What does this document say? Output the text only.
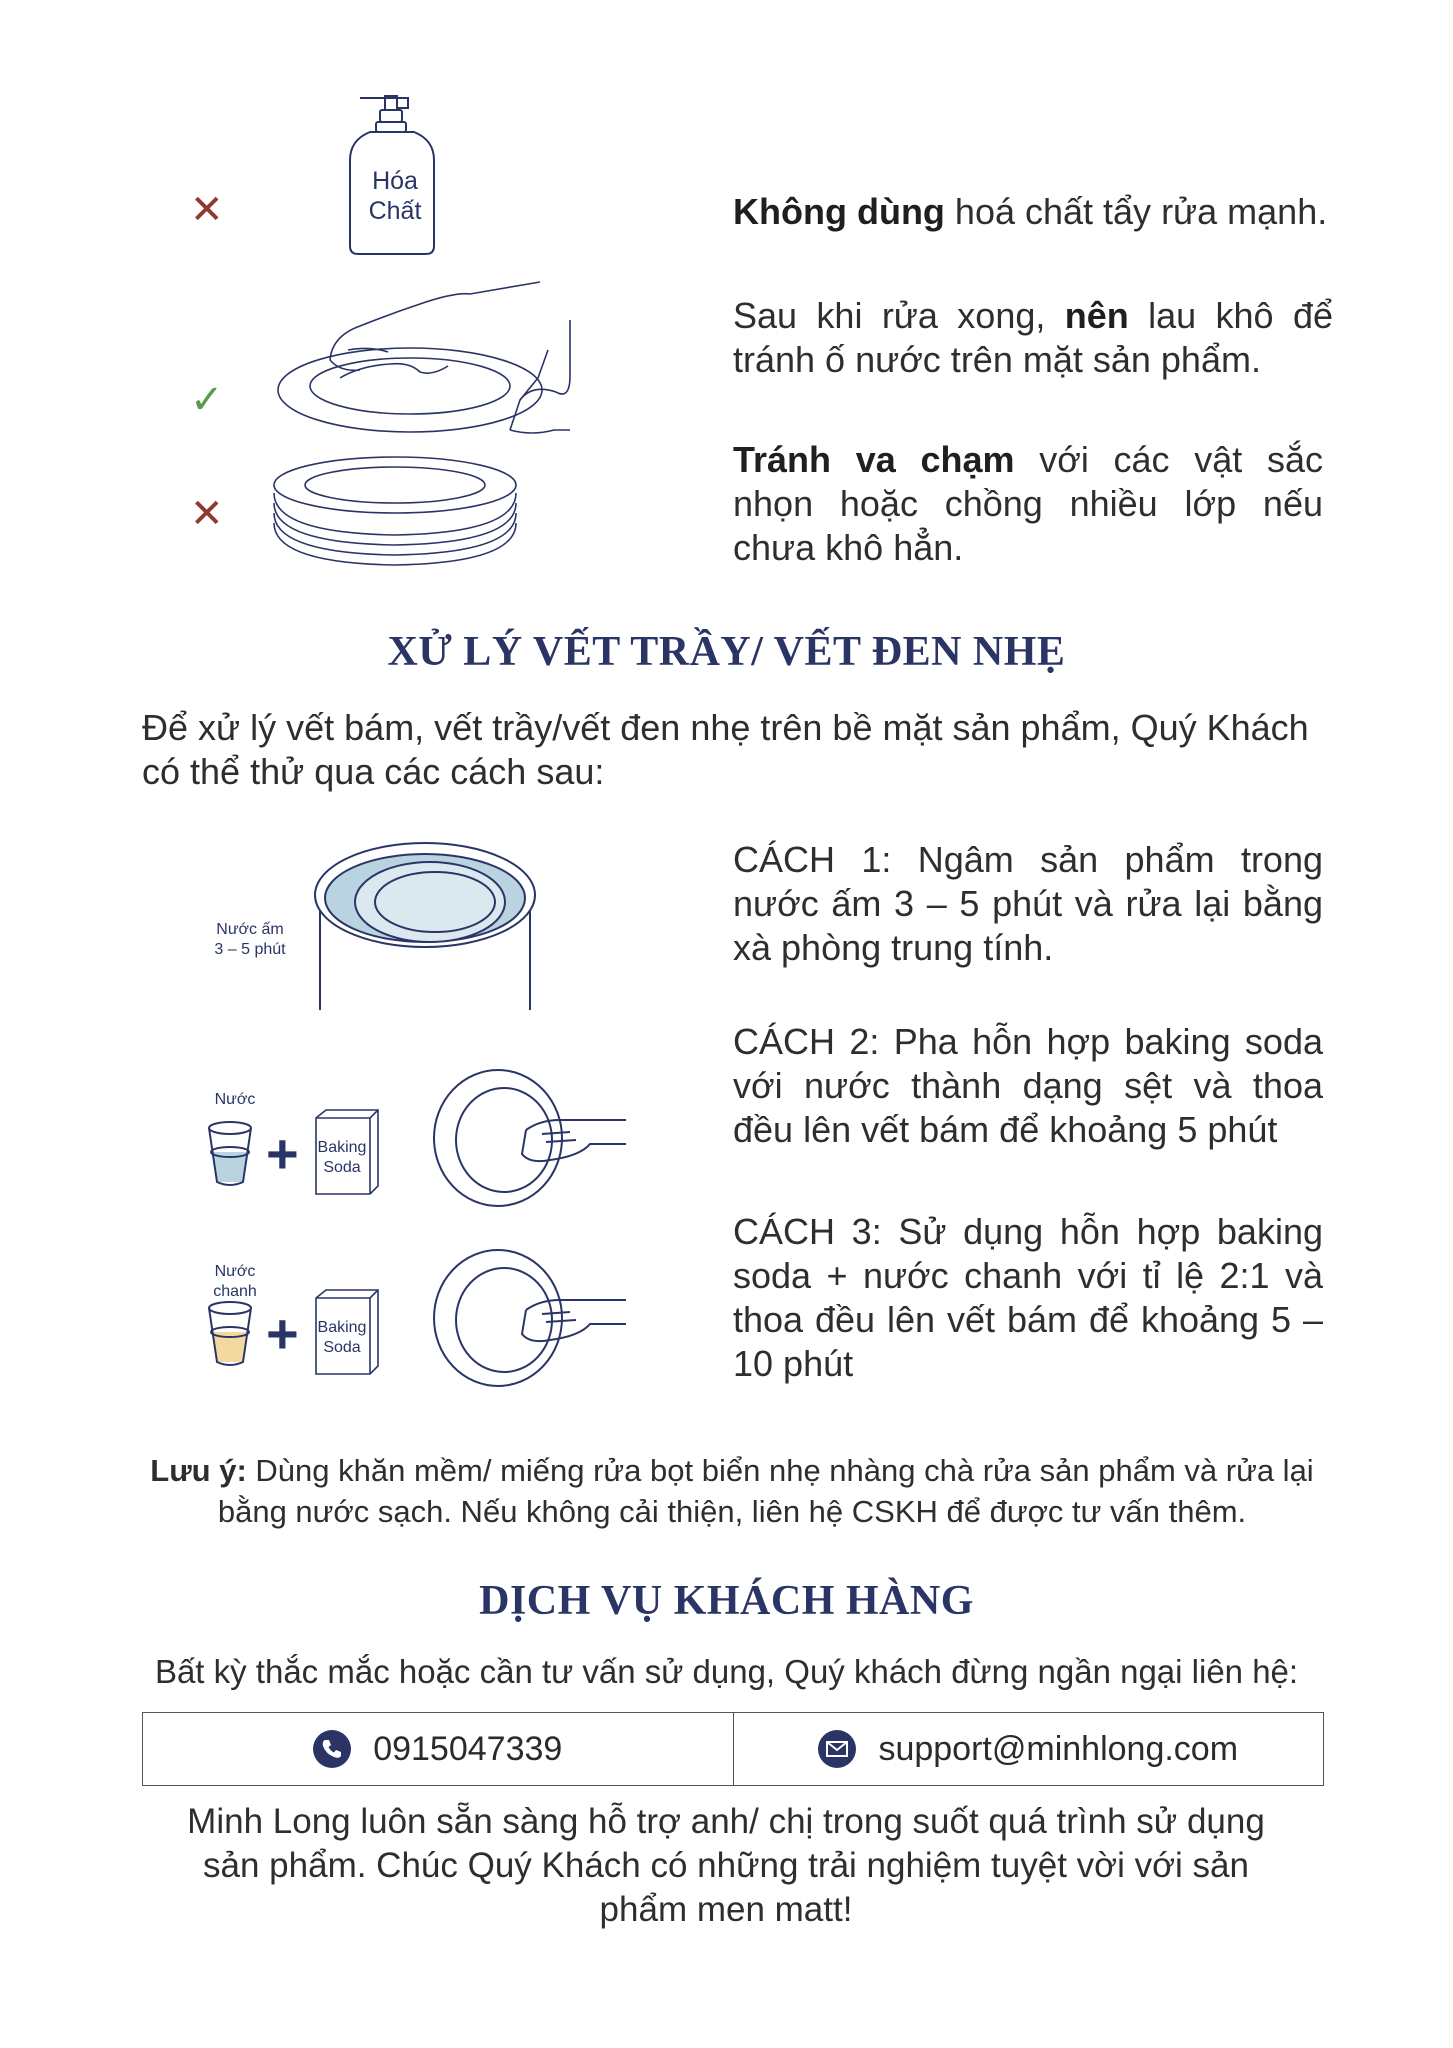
✕
✓
✕
Hóa
Chất	Không dùng hoá chất tẩy rửa mạnh.
Sau khi rửa xong, nên lau khô để tránh ố nước trên mặt sản phẩm.
Tránh va chạm với các vật sắc nhọn hoặc chồng nhiều lớp nếu chưa khô hẳn.
XỬ LÝ VẾT TRẦY/ VẾT ĐEN NHẸ
Để xử lý vết bám, vết trầy/vết đen nhẹ trên bề mặt sản phẩm, Quý Khách có thể thử qua các cách sau:
Nước ấm
3 – 5 phút
Nước
+ Baking
Soda
Nước
chanh
+ Baking
Soda
CÁCH 1: Ngâm sản phẩm trong nước ấm 3 – 5 phút và rửa lại bằng xà phòng trung tính.
CÁCH 2: Pha hỗn hợp baking soda với nước thành dạng sệt và thoa đều lên vết bám để khoảng 5 phút
CÁCH 3: Sử dụng hỗn hợp baking soda + nước chanh với tỉ lệ 2:1 và thoa đều lên vết bám để khoảng 5 – 10 phút
Lưu ý: Dùng khăn mềm/ miếng rửa bọt biển nhẹ nhàng chà rửa sản phẩm và rửa lại bằng nước sạch. Nếu không cải thiện, liên hệ CSKH để được tư vấn thêm.
DỊCH VỤ KHÁCH HÀNG
Bất kỳ thắc mắc hoặc cần tư vấn sử dụng, Quý khách đừng ngần ngại liên hệ:
0915047339	support@minhlong.com
Minh Long luôn sẵn sàng hỗ trợ anh/ chị trong suốt quá trình sử dụng sản phẩm. Chúc Quý Khách có những trải nghiệm tuyệt vời với sản phẩm men matt!
